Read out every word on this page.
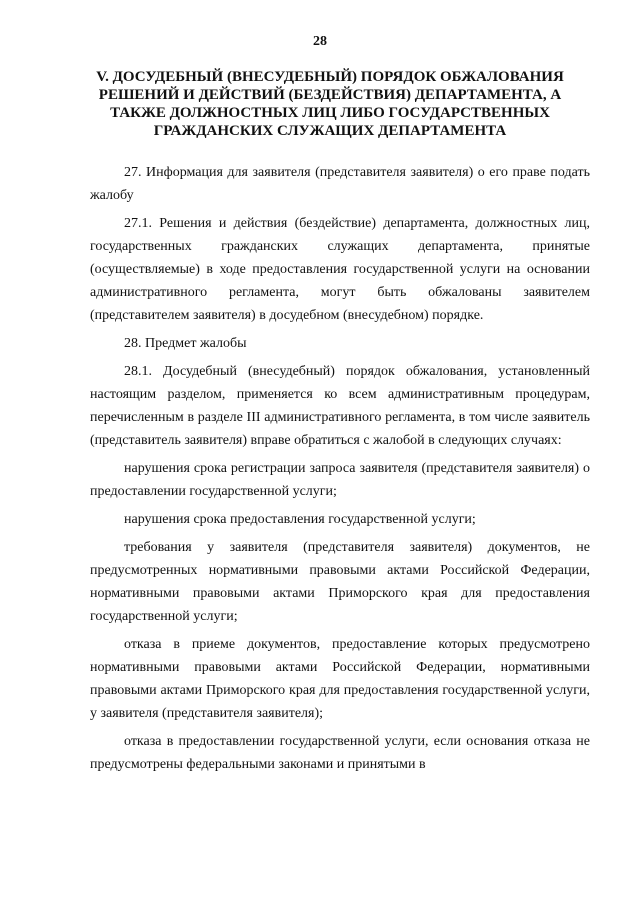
28
V. ДОСУДЕБНЫЙ (ВНЕСУДЕБНЫЙ) ПОРЯДОК ОБЖАЛОВАНИЯ
РЕШЕНИЙ И ДЕЙСТВИЙ (БЕЗДЕЙСТВИЯ) ДЕПАРТАМЕНТА, А
ТАКЖЕ ДОЛЖНОСТНЫХ ЛИЦ ЛИБО ГОСУДАРСТВЕННЫХ
ГРАЖДАНСКИХ СЛУЖАЩИХ ДЕПАРТАМЕНТА

27. Информация для заявителя (представителя заявителя) о его праве подать жалобу

27.1. Решения и действия (бездействие) департамента, должностных лиц, государственных гражданских служащих департамента, принятые (осуществляемые) в ходе предоставления государственной услуги на основании административного регламента, могут быть обжалованы заявителем (представителем заявителя) в досудебном (внесудебном) порядке.

28. Предмет жалобы

28.1. Досудебный (внесудебный) порядок обжалования, установленный настоящим разделом, применяется ко всем административным процедурам, перечисленным в разделе III административного регламента, в том числе заявитель (представитель заявителя) вправе обратиться с жалобой в следующих случаях:

нарушения срока регистрации запроса заявителя (представителя заявителя) о предоставлении государственной услуги;

нарушения срока предоставления государственной услуги;

требования у заявителя (представителя заявителя) документов, не предусмотренных нормативными правовыми актами Российской Федерации, нормативными правовыми актами Приморского края для предоставления государственной услуги;

отказа в приеме документов, предоставление которых предусмотрено нормативными правовыми актами Российской Федерации, нормативными правовыми актами Приморского края для предоставления государственной услуги, у заявителя (представителя заявителя);

отказа в предоставлении государственной услуги, если основания отказа не предусмотрены федеральными законами и принятыми в
